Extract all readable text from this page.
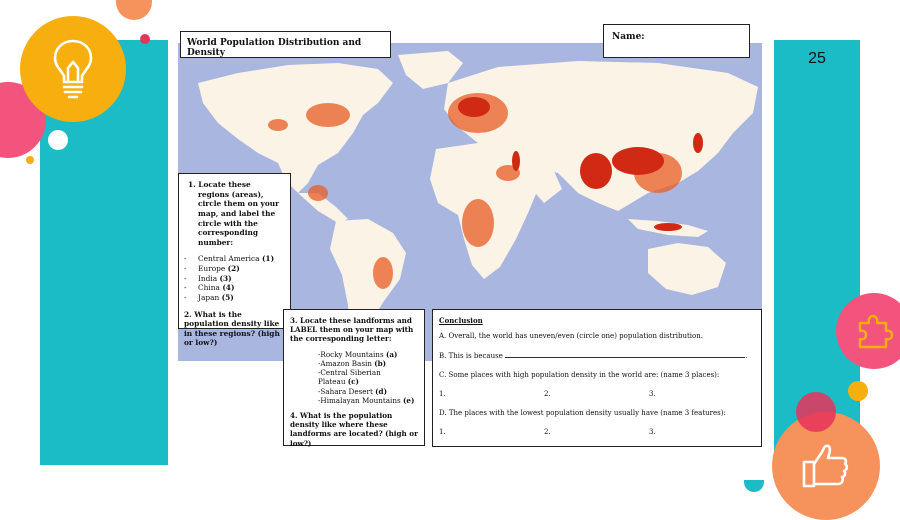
25
World Population Distribution and Density
Name:
1. Locate these regions (areas), circle them on your map, and label the circle with the corresponding number:
-	Central America
(1)
-	Europe
(2)
-	India
(3)
-	China
(4)
-	Japan
(5)
2. What is the population density like in these regions? (high or low?)
3. Locate these landforms and LABEL them on your map with the corresponding letter:
-Rocky Mountains (a)
-Amazon Basin (b)
-Central Siberian Plateau (c)
-Sahara Desert (d)
-Himalayan Mountains (e)
4. What is the population density like where these landforms are located? (high or low?)
Conclusion
A. Overall, the world has uneven/even (circle one) population distribution.
B. This is because	.
C. Some places with high population density in the world are: (name 3 places):
1.	2.	3.
D. The places with the lowest population density usually have (name 3 features):
1.	2.	3.
